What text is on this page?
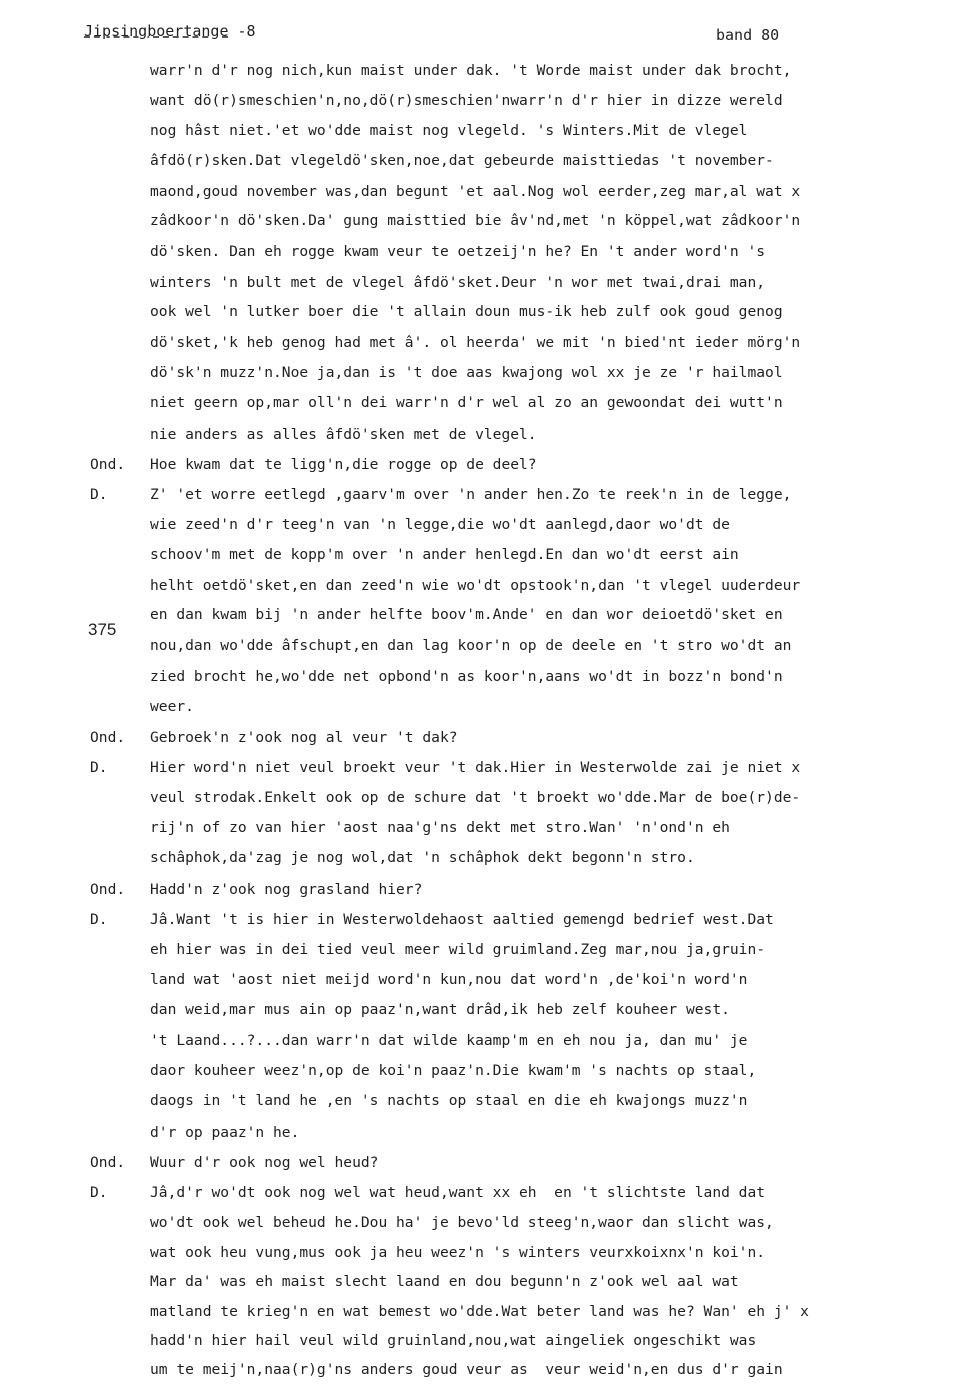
Jipsingboertange -8	band 80
375
warr'n d'r nog nich,kun maist under dak. 't Worde maist under dak brocht,
want dö(r)smeschien'n,no,dö(r)smeschien'nwarr'n d'r hier in dizze wereld
nog hâst niet.'et wo'dde maist nog vlegeld. 's Winters.Mit de vlegel
âfdö(r)sken.Dat vlegeldö'sken,noe,dat gebeurde maisttiedas 't november-
maond,goud november was,dan begunt 'et aal.Nog wol eerder,zeg mar,al wat x
zâdkoor'n dö'sken.Da' gung maisttied bie âv'nd,met 'n köppel,wat zâdkoor'n
dö'sken. Dan eh rogge kwam veur te oetzeij'n he? En 't ander word'n 's
winters 'n bult met de vlegel âfdö'sket.Deur 'n wor met twai,drai man,
ook wel 'n lutker boer die 't allain doun mus-ik heb zulf ook goud genog
dö'sket,'k heb genog had met â'. ol heerda' we mit 'n bied'nt ieder mörg'n
dö'sk'n muzz'n.Noe ja,dan is 't doe aas kwajong wol xx je ze 'r hailmaol
niet geern op,mar oll'n dei warr'n d'r wel al zo an gewoondat dei wutt'n
nie anders as alles âfdö'sken met de vlegel.
Ond. Hoe kwam dat te ligg'n,die rogge op de deel?
D.	Z' 'et worre eetlegd ,gaarv'm over 'n ander hen.Zo te reek'n in de legge,
wie zeed'n d'r teeg'n van 'n legge,die wo'dt aanlegd,daor wo'dt de
schoov'm met de kopp'm over 'n ander henlegd.En dan wo'dt eerst ain
helht oetdö'sket,en dan zeed'n wie wo'dt opstook'n,dan 't vlegel uuderdeur
en dan kwam bij 'n ander helfte boov'm.Ande' en dan wor deioetdö'sket en
nou,dan wo'dde âfschupt,en dan lag koor'n op de deele en 't stro wo'dt an
zied brocht he,wo'dde net opbond'n as koor'n,aans wo'dt in bozz'n bond'n
weer.
Ond. Gebroek'n z'ook nog al veur 't dak?
D.	Hier word'n niet veul broekt veur 't dak.Hier in Westerwolde zai je niet x
veul strodak.Enkelt ook op de schure dat 't broekt wo'dde.Mar de boe(r)de-
rij'n of zo van hier 'aost naa'g'ns dekt met stro.Wan' 'n'ond'n eh
schâphok,da'zag je nog wol,dat 'n schâphok dekt begonn'n stro.
Ond. Hadd'n z'ook nog grasland hier?
D.	Jâ.Want 't is hier in Westerwoldehaost aaltied gemengd bedrief west.Dat
eh hier was in dei tied veul meer wild gruimland.Zeg mar,nou ja,gruin-
land wat 'aost niet meijd word'n kun,nou dat word'n ,de'koi'n word'n
dan weid,mar mus ain op paaz'n,want drâd,ik heb zelf kouheer west.
't Laand...?...dan warr'n dat wilde kaamp'm en eh nou ja, dan mu' je
daor kouheer weez'n,op de koi'n paaz'n.Die kwam'm 's nachts op staal,
daogs in 't land he ,en 's nachts op staal en die eh kwajongs muzz'n
d'r op paaz'n he.
Ond. Wuur d'r ook nog wel heud?
D.	Jâ,d'r wo'dt ook nog wel wat heud,want xx eh  en 't slichtste land dat
wo'dt ook wel beheud he.Dou ha' je bevo'ld steeg'n,waor dan slicht was,
wat ook heu vung,mus ook ja heu weez'n 's winters veurxkoixnx'n koi'n.
Mar da' was eh maist slecht laand en dou begunn'n z'ook wel aal wat
matland te krieg'n en wat bemest wo'dde.Wat beter land was he? Wan' eh j' x
hadd'n hier hail veul wild gruinland,nou,wat aingeliek ongeschikt was
um te meij'n,naa(r)g'ns anders goud veur as  veur weid'n,en dus d'r gain
